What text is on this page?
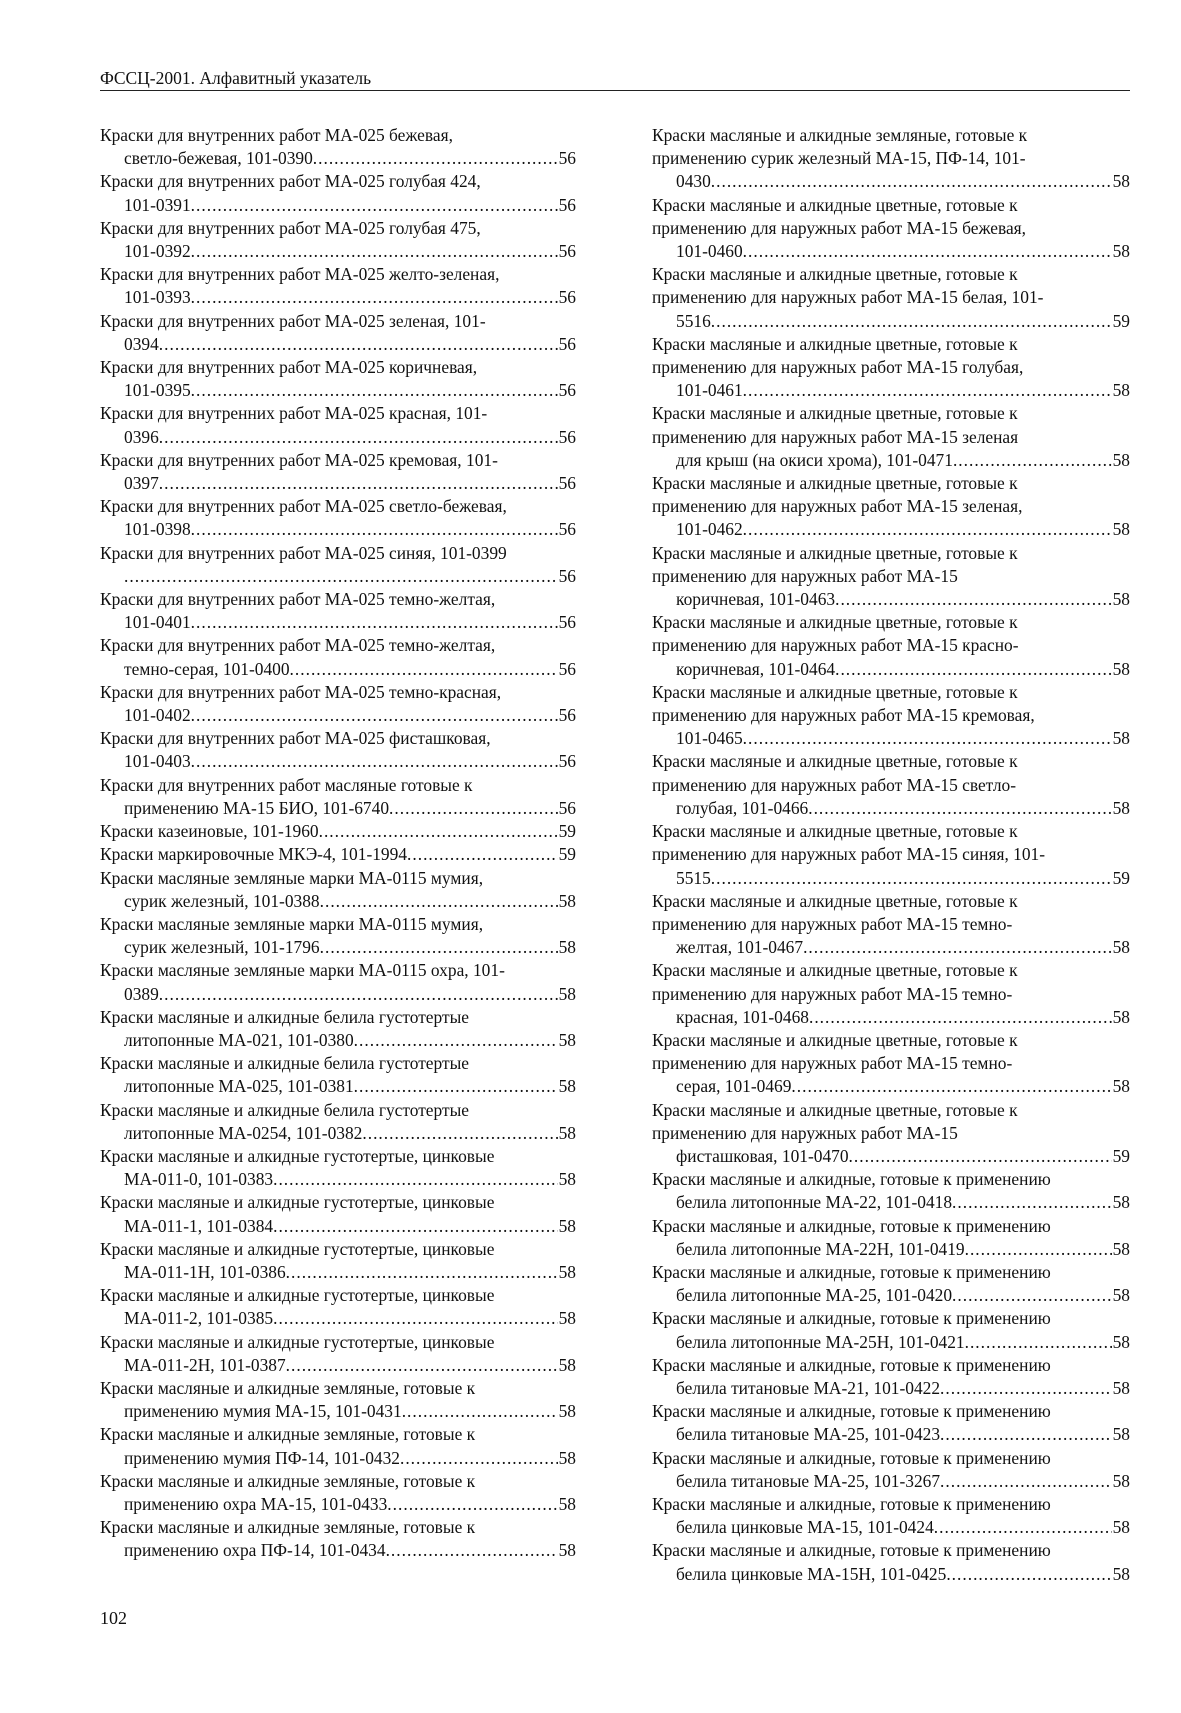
ФССЦ-2001. Алфавитный указатель
Краски для внутренних работ МА-025 бежевая,
светло-бежевая, 101-0390 .....	56
Краски для внутренних работ МА-025 голубая 424,
101-0391 .....	56
Краски для внутренних работ МА-025 голубая 475,
101-0392 .....	56
Краски для внутренних работ МА-025 желто-зеленая,
101-0393 .....	56
Краски для внутренних работ МА-025 зеленая, 101-
0394 .....	56
Краски для внутренних работ МА-025 коричневая,
101-0395 .....	56
Краски для внутренних работ МА-025 красная, 101-
0396 .....	56
Краски для внутренних работ МА-025 кремовая, 101-
0397 .....	56
Краски для внутренних работ МА-025 светло-бежевая,
101-0398 .....	56
Краски для внутренних работ МА-025 синяя, 101-0399
.....
56
Краски для внутренних работ МА-025 темно-желтая,
101-0401 .....	56
Краски для внутренних работ МА-025 темно-желтая,
темно-серая, 101-0400 .....	56
Краски для внутренних работ МА-025 темно-красная,
101-0402 .....	56
Краски для внутренних работ МА-025 фисташковая,
101-0403 .....	56
Краски для внутренних работ масляные готовые к
применению МА-15 БИО, 101-6740 .....	56
Краски казеиновые, 101-1960 .....	59
Краски маркировочные МКЭ-4, 101-1994 .....	59
Краски масляные земляные марки МА-0115 мумия,
сурик железный, 101-0388 .....	58
Краски масляные земляные марки МА-0115 мумия,
сурик железный, 101-1796 .....	58
Краски масляные земляные марки МА-0115 охра, 101-
0389 .....	58
Краски масляные и алкидные белила густотертые
литопонные МА-021, 101-0380 .....	58
Краски масляные и алкидные белила густотертые
литопонные МА-025, 101-0381 .....	58
Краски масляные и алкидные белила густотертые
литопонные МА-0254, 101-0382 .....	58
Краски масляные и алкидные густотертые, цинковые
МА-011-0, 101-0383 .....	58
Краски масляные и алкидные густотертые, цинковые
МА-011-1, 101-0384 .....	58
Краски масляные и алкидные густотертые, цинковые
МА-011-1Н, 101-0386 .....	58
Краски масляные и алкидные густотертые, цинковые
МА-011-2, 101-0385 .....	58
Краски масляные и алкидные густотертые, цинковые
МА-011-2Н, 101-0387 .....	58
Краски масляные и алкидные земляные, готовые к
применению мумия МА-15, 101-0431 .....	58
Краски масляные и алкидные земляные, готовые к
применению мумия ПФ-14, 101-0432 .....	58
Краски масляные и алкидные земляные, готовые к
применению охра МА-15, 101-0433 .....	58
Краски масляные и алкидные земляные, готовые к
применению охра ПФ-14, 101-0434 .....	58
Краски масляные и алкидные земляные, готовые к
применению сурик железный МА-15, ПФ-14, 101-
0430 .....	58
Краски масляные и алкидные цветные, готовые к
применению для наружных работ МА-15 бежевая,
101-0460 .....	58
Краски масляные и алкидные цветные, готовые к
применению для наружных работ МА-15 белая, 101-
5516 .....	59
Краски масляные и алкидные цветные, готовые к
применению для наружных работ МА-15 голубая,
101-0461 .....	58
Краски масляные и алкидные цветные, готовые к
применению для наружных работ МА-15 зеленая
для крыш (на окиси хрома), 101-0471 .....	58
Краски масляные и алкидные цветные, готовые к
применению для наружных работ МА-15 зеленая,
101-0462 .....	58
Краски масляные и алкидные цветные, готовые к
применению для наружных работ МА-15
коричневая, 101-0463 .....	58
Краски масляные и алкидные цветные, готовые к
применению для наружных работ МА-15 красно-
коричневая, 101-0464 .....	58
Краски масляные и алкидные цветные, готовые к
применению для наружных работ МА-15 кремовая,
101-0465 .....	58
Краски масляные и алкидные цветные, готовые к
применению для наружных работ МА-15 светло-
голубая, 101-0466 .....	58
Краски масляные и алкидные цветные, готовые к
применению для наружных работ МА-15 синяя, 101-
5515 .....	59
Краски масляные и алкидные цветные, готовые к
применению для наружных работ МА-15 темно-
желтая, 101-0467 .....	58
Краски масляные и алкидные цветные, готовые к
применению для наружных работ МА-15 темно-
красная, 101-0468 .....	58
Краски масляные и алкидные цветные, готовые к
применению для наружных работ МА-15 темно-
серая, 101-0469 .....	58
Краски масляные и алкидные цветные, готовые к
применению для наружных работ МА-15
фисташковая, 101-0470 .....	59
Краски масляные и алкидные, готовые к применению
белила литопонные МА-22, 101-0418 .....	58
Краски масляные и алкидные, готовые к применению
белила литопонные МА-22Н, 101-0419 .....	58
Краски масляные и алкидные, готовые к применению
белила литопонные МА-25, 101-0420 .....	58
Краски масляные и алкидные, готовые к применению
белила литопонные МА-25Н, 101-0421 .....	58
Краски масляные и алкидные, готовые к применению
белила титановые МА-21, 101-0422 .....	58
Краски масляные и алкидные, готовые к применению
белила титановые МА-25, 101-0423 .....	58
Краски масляные и алкидные, готовые к применению
белила титановые МА-25, 101-3267 .....	58
Краски масляные и алкидные, готовые к применению
белила цинковые МА-15, 101-0424 .....	58
Краски масляные и алкидные, готовые к применению
белила цинковые МА-15Н, 101-0425 .....	58
102
